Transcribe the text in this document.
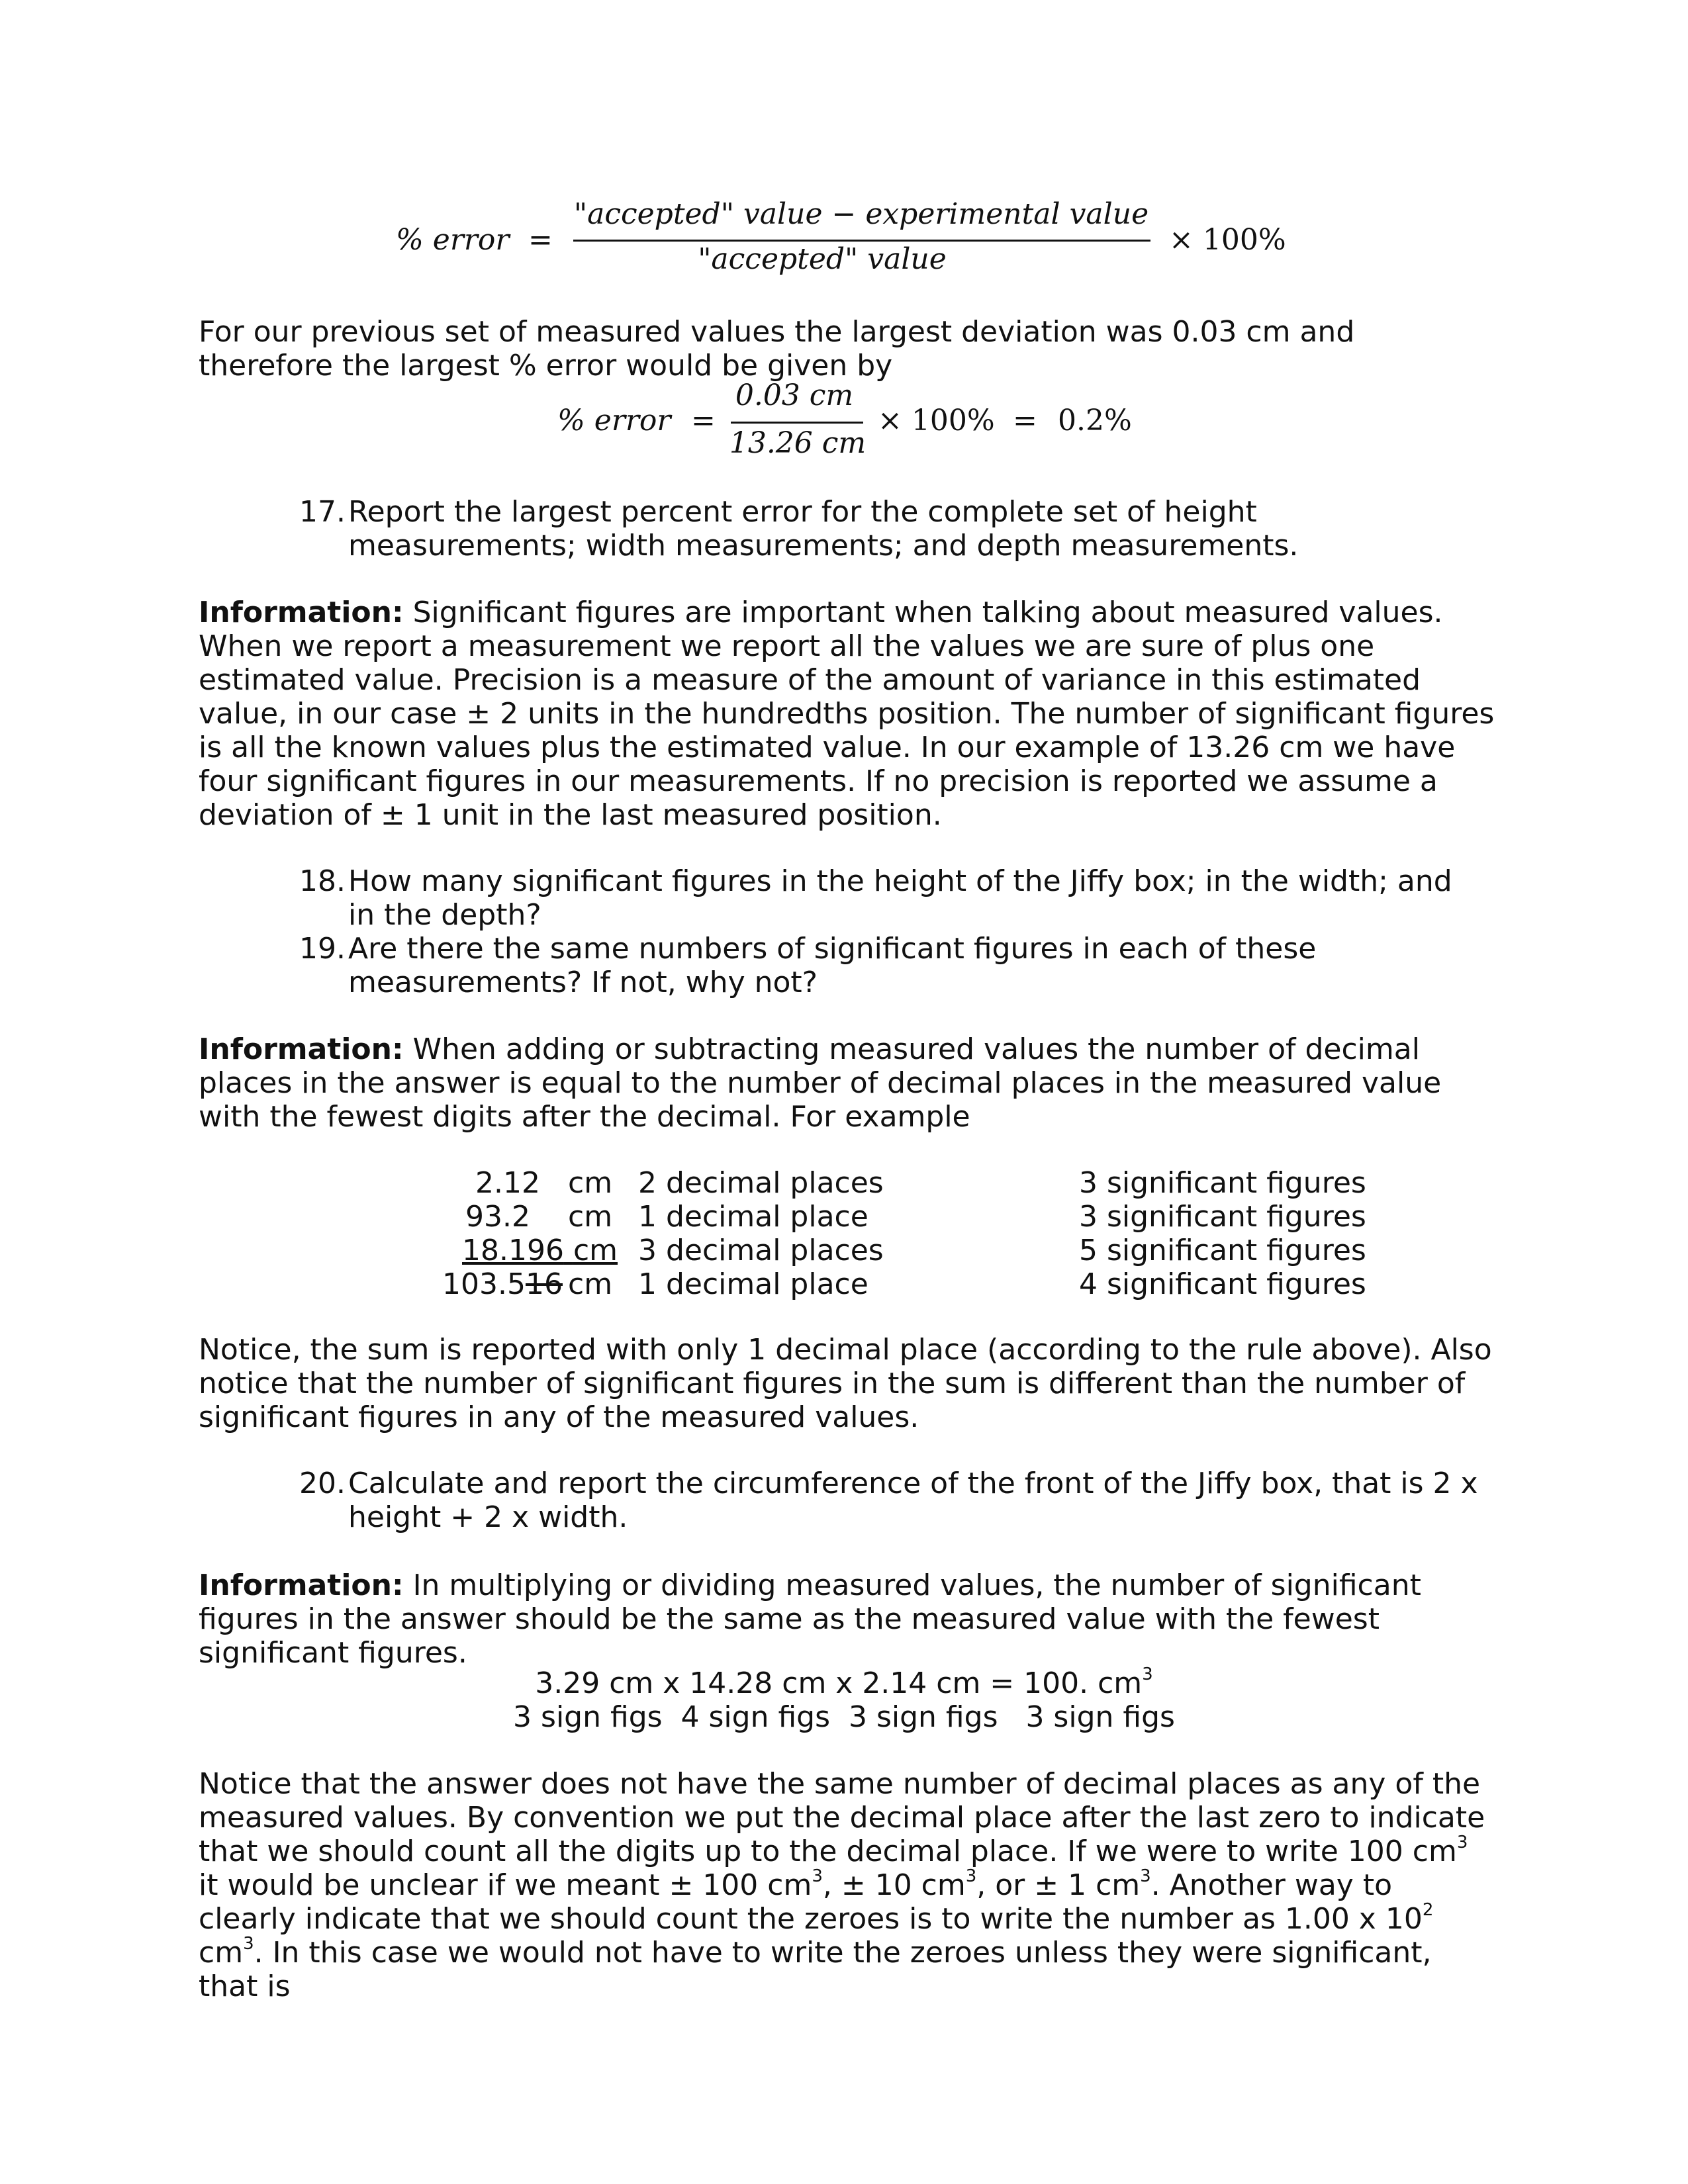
% error =
"accepted" value − experimental value
"accepted" value
× 100%
For our previous set of measured values the largest deviation was 0.03 cm and therefore the largest % error would be given by
% error =
0.03 cm
13.26 cm
× 100% = 0.2%
17. Report the largest percent error for the complete set of height measurements; width measurements; and depth measurements.
Information: Significant figures are important when talking about measured values. When we report a measurement we report all the values we are sure of plus one estimated value. Precision is a measure of the amount of variance in this estimated value, in our case ± 2 units in the hundredths position. The number of significant figures is all the known values plus the estimated value. In our example of 13.26 cm we have four significant figures in our measurements. If no precision is reported we assume a deviation of ± 1 unit in the last measured position.
18. How many significant figures in the height of the Jiffy box; in the width; and in the depth?
19. Are there the same numbers of significant figures in each of these measurements? If not, why not?
Information: When adding or subtracting measured values the number of decimal places in the answer is equal to the number of decimal places in the measured value with the fewest digits after the decimal. For example
2.12 cm 2 decimal places	3 significant figures
93.2 cm 1 decimal place	3 significant figures
18.196 cm 3 decimal places	5 significant figures
103.516 cm 1 decimal place	4 significant figures
Notice, the sum is reported with only 1 decimal place (according to the rule above). Also notice that the number of significant figures in the sum is different than the number of significant figures in any of the measured values.
20. Calculate and report the circumference of the front of the Jiffy box, that is 2 x height + 2 x width.
Information: In multiplying or dividing measured values, the number of significant figures in the answer should be the same as the measured value with the fewest significant figures.
3.29 cm x 14.28 cm x 2.14 cm = 100. $cm^3$
3 sign figs  4 sign figs  3 sign figs   3 sign figs
Notice that the answer does not have the same number of decimal places as any of the measured values. By convention we put the decimal place after the last zero to indicate that we should count all the digits up to the decimal place. If we were to write 100 $cm^3$ it would be unclear if we meant ± 100 $cm^3$, ± 10 $cm^3$, or ± 1 $cm^3$. Another way to clearly indicate that we should count the zeroes is to write the number as 1.00 x $10^2$ $cm^3$. In this case we would not have to write the zeroes unless they were significant, that is
